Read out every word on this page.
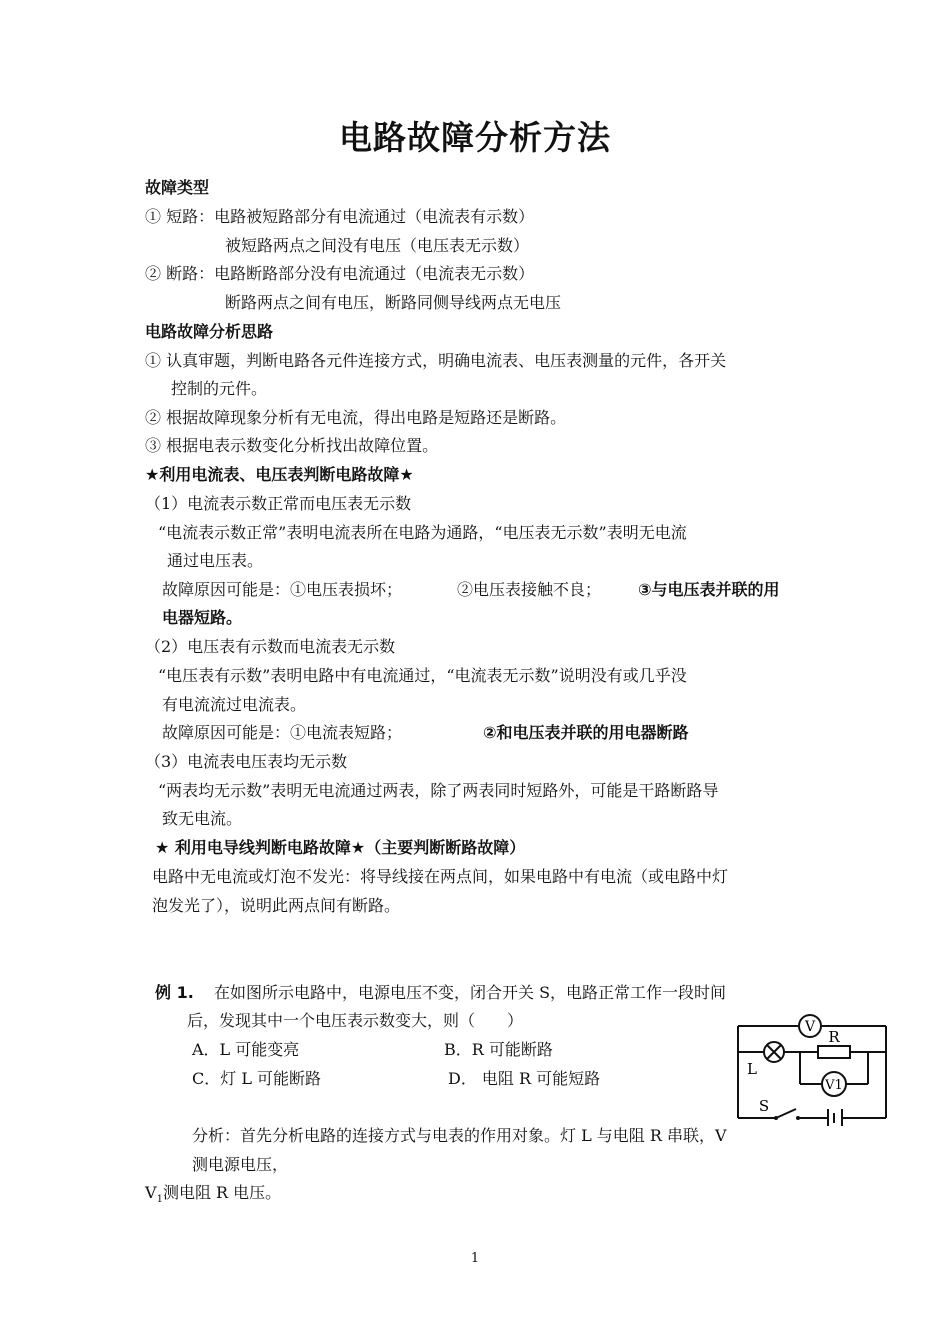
电路故障分析方法
故障类型
① 短路：电路被短路部分有电流通过（电流表有示数）
被短路两点之间没有电压（电压表无示数）
② 断路：电路断路部分没有电流通过（电流表无示数）
断路两点之间有电压，断路同侧导线两点无电压
电路故障分析思路
① 认真审题，判断电路各元件连接方式，明确电流表、电压表测量的元件，各开关
控制的元件。
② 根据故障现象分析有无电流，得出电路是短路还是断路。
③ 根据电表示数变化分析找出故障位置。
★利用电流表、电压表判断电路故障★
（1）电流表示数正常而电压表无示数
“电流表示数正常”表明电流表所在电路为通路，“电压表无示数”表明无电流
通过电压表。
故障原因可能是：①电压表损坏；	②电压表接触不良； ③与电压表并联的用
电器短路。
（2）电压表有示数而电流表无示数
“电压表有示数”表明电路中有电流通过，“电流表无示数”说明没有或几乎没
有电流流过电流表。
故障原因可能是：①电流表短路；	②和电压表并联的用电器断路
（3）电流表电压表均无示数
“两表均无示数”表明无电流通过两表，除了两表同时短路外，可能是干路断路导
致无电流。
★ 利用电导线判断电路故障★（主要判断断路故障）
电路中无电流或灯泡不发光：将导线接在两点间，如果电路中有电流（或电路中灯
泡发光了），说明此两点间有断路。
例 1. 在如图所示电路中，电源电压不变，闭合开关 S，电路正常工作一段时间
后，发现其中一个电压表示数变大，则（　　）
A．L 可能变亮	B．R 可能断路
C．灯 L 可能断路	D． 电阻 R 可能短路
分析：首先分析电路的连接方式与电表的作用对象。灯 L 与电阻 R 串联，V
测电源电压，
$V_1$测电阻 R 电压。
V
R
L
V1
S
1
